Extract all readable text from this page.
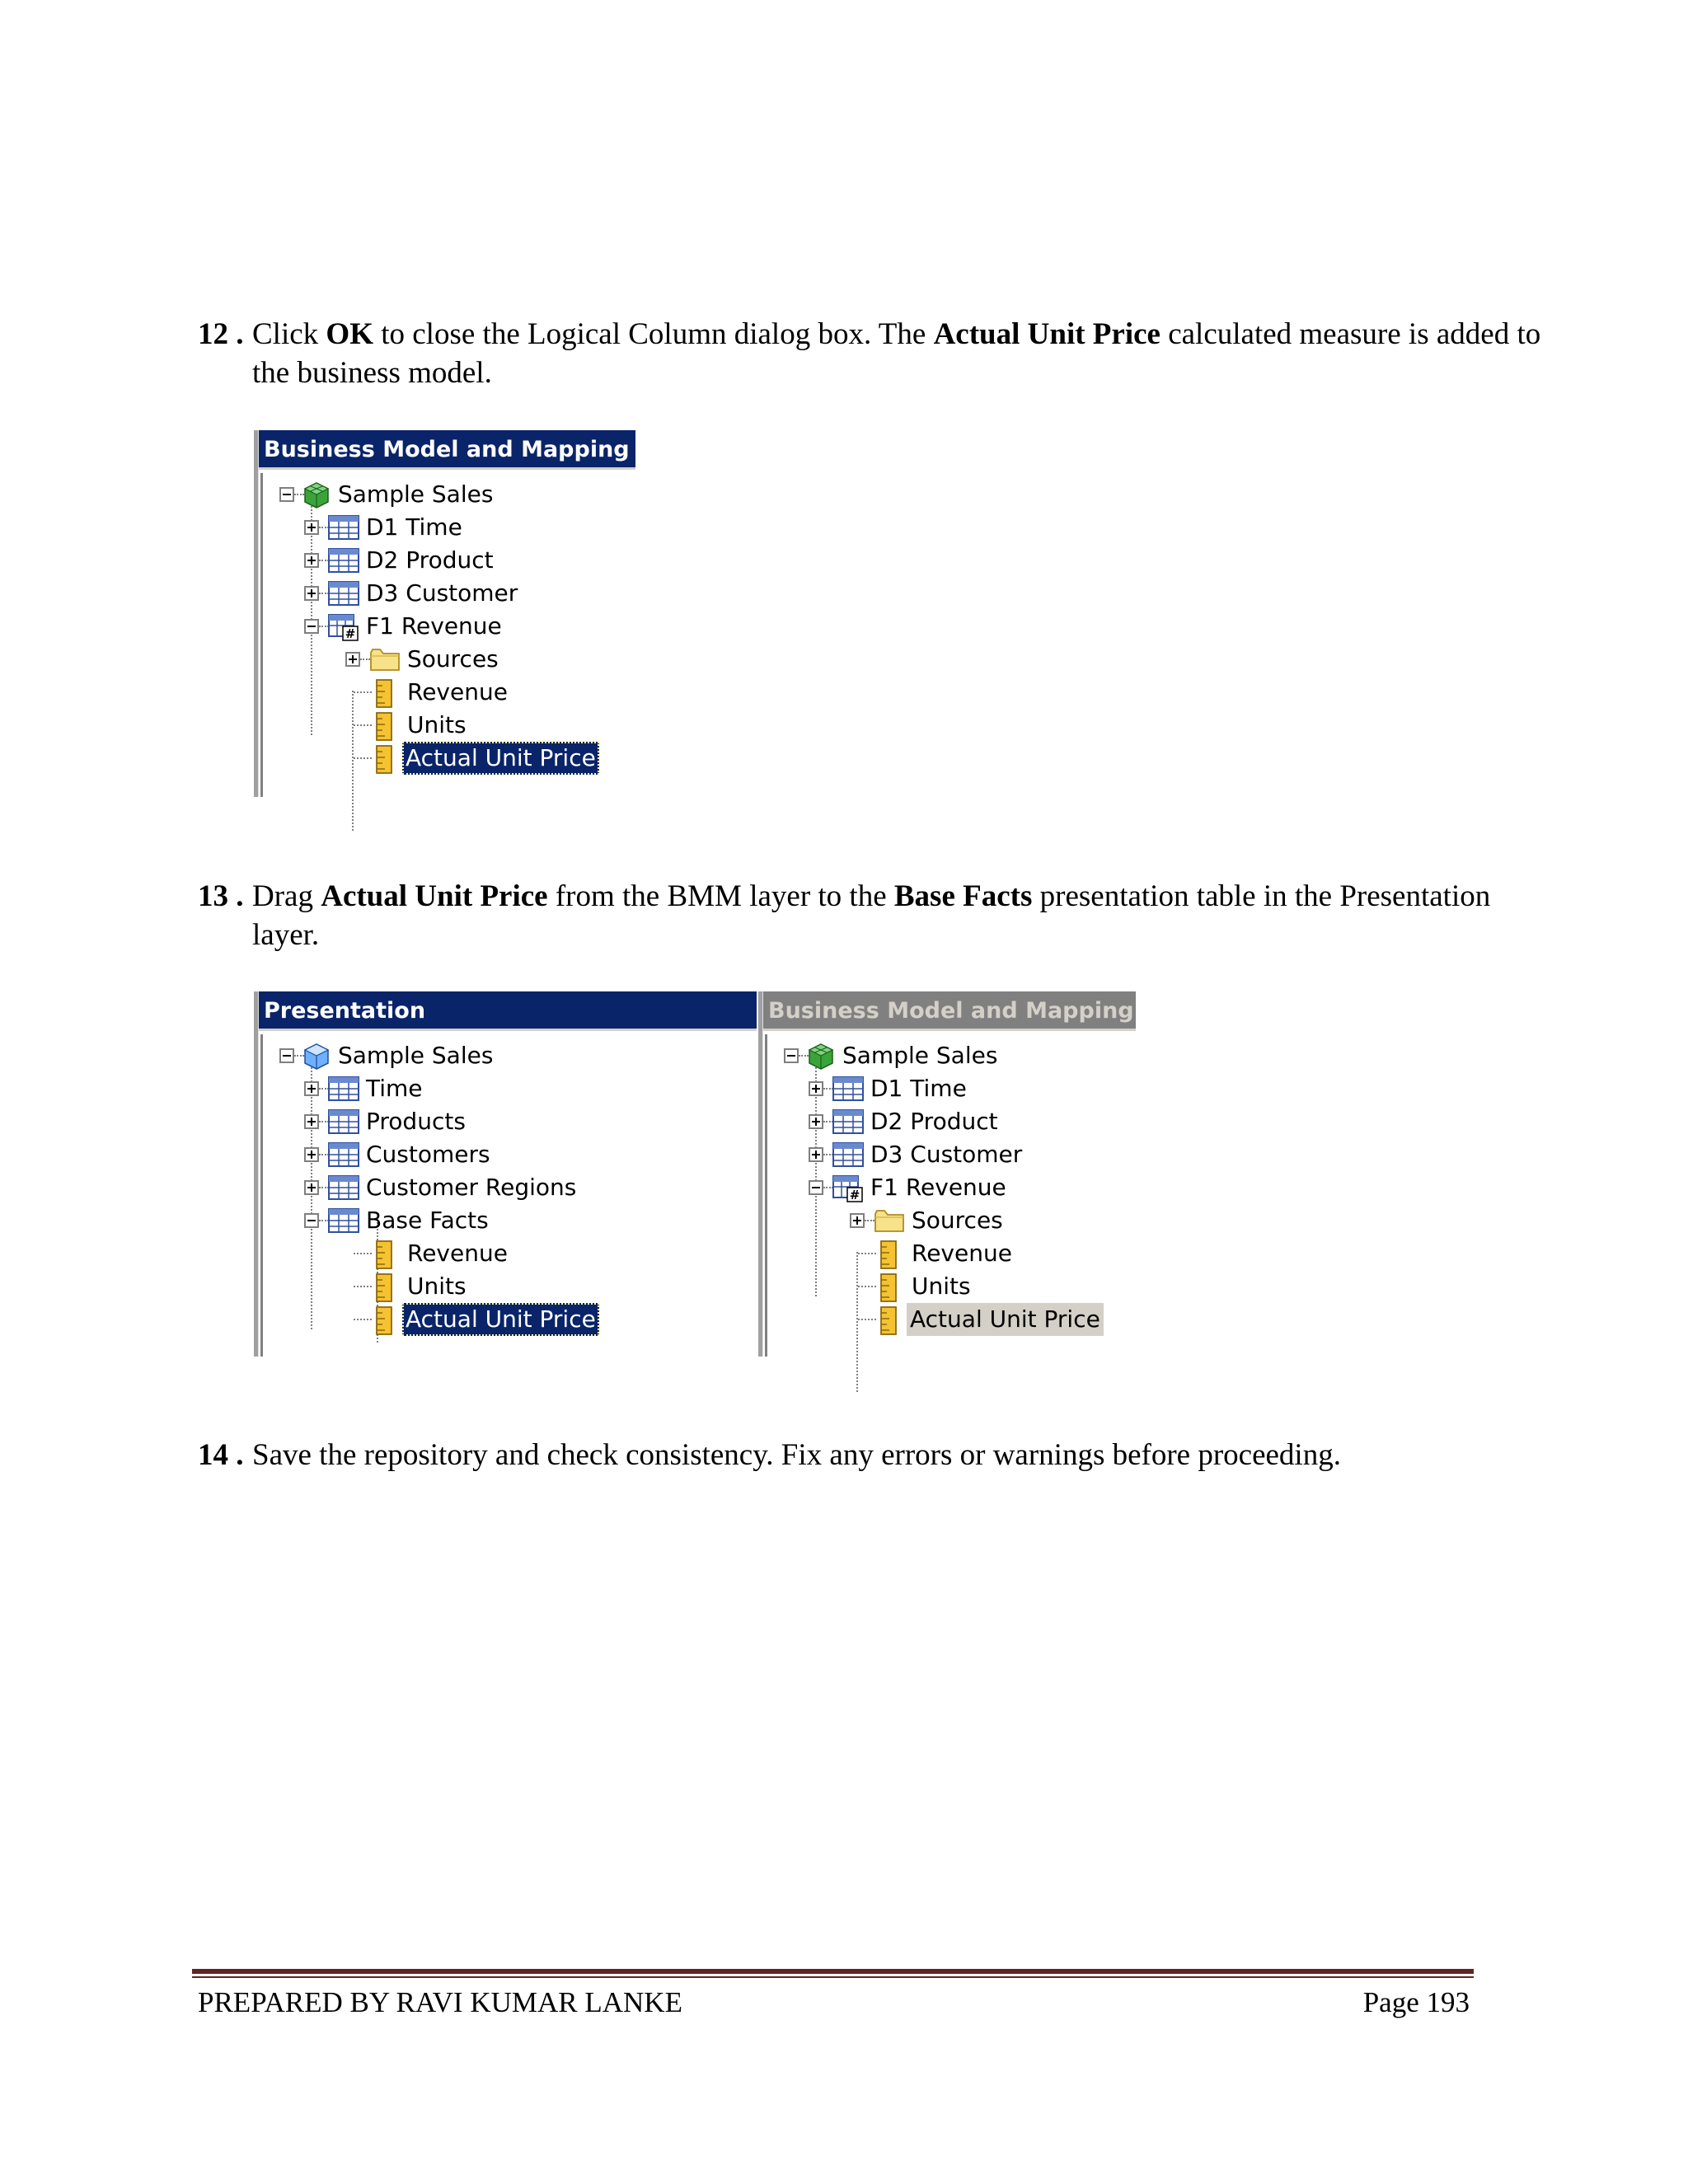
12 . Click OK to close the Logical Column dialog box. The Actual Unit Price calculated measure is added to the business model.
Business Model and Mapping
Sample Sales
D1 Time
D2 Product
D3 Customer
# F1 Revenue
Sources
Revenue
Units
Actual Unit Price
13 . Drag Actual Unit Price from the BMM layer to the Base Facts presentation table in the Presentation layer.
Presentation
Sample Sales
Time
Products
Customers
Customer Regions
Base Facts
Revenue
Units
Actual Unit Price
Business Model and Mapping
Sample Sales
D1 Time
D2 Product
D3 Customer
# F1 Revenue
Sources
Revenue
Units
Actual Unit Price
14 . Save the repository and check consistency. Fix any errors or warnings before proceeding.
PREPARED BY RAVI KUMAR LANKE	Page 193
